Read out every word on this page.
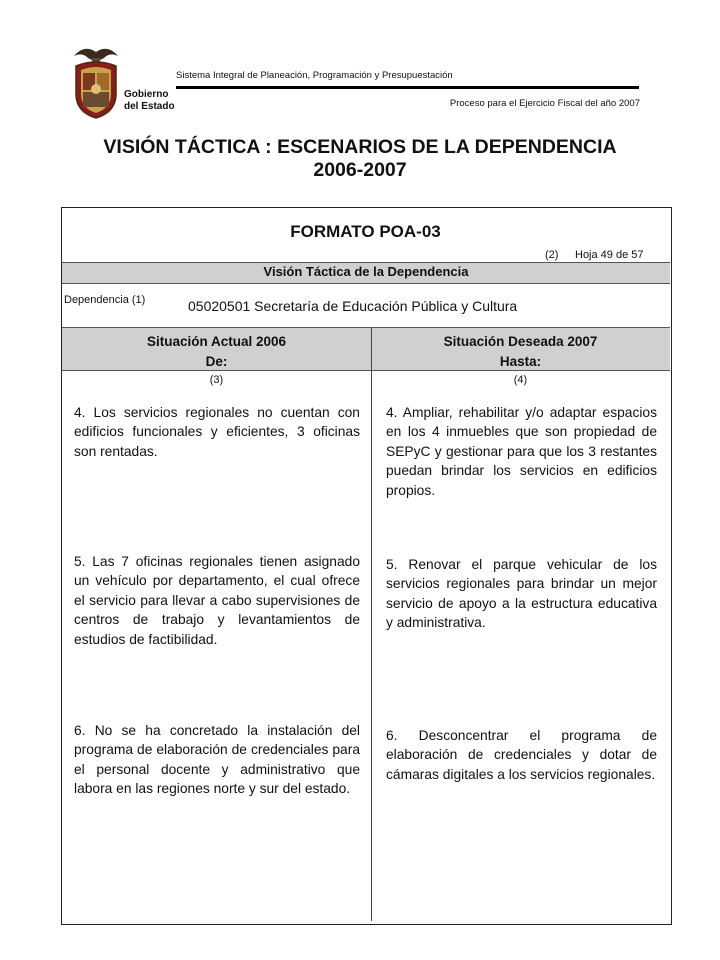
Gobierno
del Estado
Sistema Integral de Planeación, Programación y Presupuestación
Proceso para el Ejercicio Fiscal del año 2007
VISIÓN TÁCTICA : ESCENARIOS DE LA DEPENDENCIA
2006-2007
FORMATO POA-03
(2) Hoja 49 de 57
Visión Táctica de la Dependencia
Dependencia (1)	05020501 Secretaría de Educación Pública y Cultura
Situación Actual 2006
De:
Situación Deseada 2007
Hasta:
(3)	(4)
4. Los servicios regionales no cuentan con edificios funcionales y eficientes, 3 oficinas son rentadas.
4. Ampliar, rehabilitar y/o adaptar espacios en los 4 inmuebles que son propiedad de SEPyC y gestionar para que los 3 restantes puedan brindar los servicios en edificios propios.
5. Las 7 oficinas regionales tienen asignado un vehículo por departamento, el cual ofrece el servicio para llevar a cabo supervisiones de centros de trabajo y levantamientos de estudios de factibilidad.
5. Renovar el parque vehicular de los servicios regionales para brindar un mejor servicio de apoyo a la estructura educativa y administrativa.
6. No se ha concretado la instalación del programa de elaboración de credenciales para el personal docente y administrativo que labora en las regiones norte y sur del estado.
6. Desconcentrar el programa de elaboración de credenciales y dotar de cámaras digitales a los servicios regionales.
